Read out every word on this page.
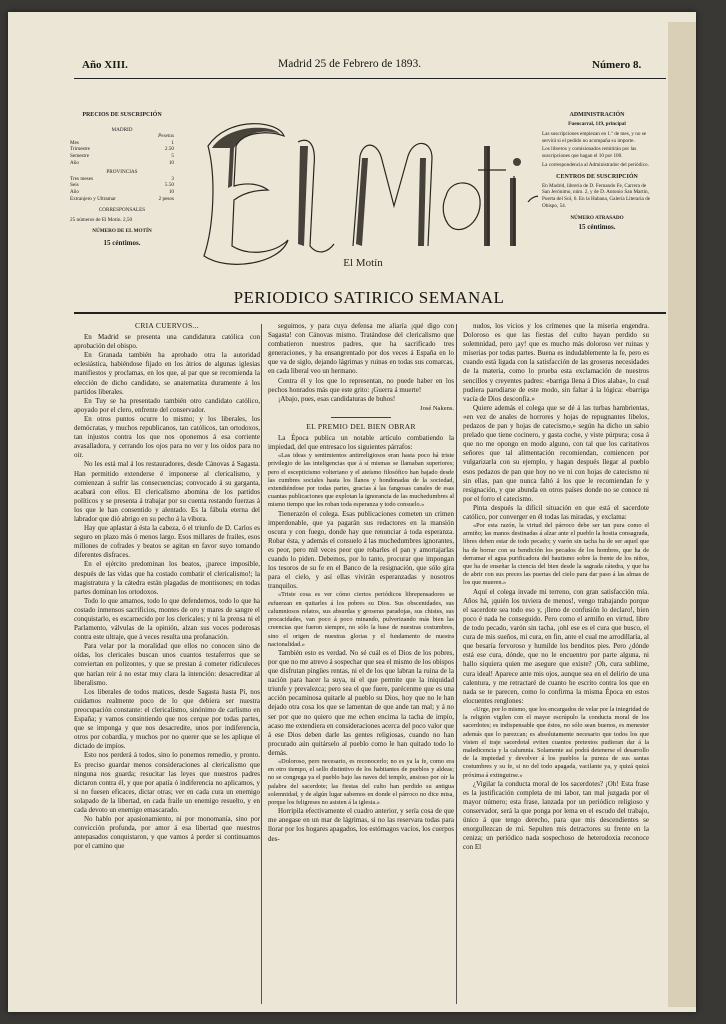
Año XIII.	Madrid 25 de Febrero de 1893.	Número 8.
PRECIOS DE SUSCRIPCIÓN
MADRID
Pesetas
Mes	1
Trimestre	2.50
Semestre	5
Año	10
PROVINCIAS
Tres meses	3
Seis	5.50
Año	10
Extranjero y Ultramar	2 pesos
CORRESPONSALES
25 números de El Motín. 2,50
NÚMERO DE EL MOTÍN
15 céntimos.
El Motín
ADMINISTRACIÓN
Fuencarral, 119, principal
Las suscripciones empiezan en 1.º de mes, y no se servirá si el pedido no acompaña su importe.
Los libreros y comisionados remitirán por las suscripciones que hagan el 10 por 100.
La correspondencia al Administrador del periódico.
CENTROS DE SUSCRIPCIÓN
En Madrid, librería de D. Fernando Fe, Carrera de San Jerónimo, núm. 2, y de D. Antonio San Martín, Puerta del Sol, 6. En la Habana, Galería Literaria de Obispo, 54.
NÚMERO ATRASADO
15 céntimos.
PERIODICO SATIRICO SEMANAL
CRIA CUERVOS...

En Madrid se presenta una candidatura católica con aprobación del obispo.

En Granada también ha aprobado otra la autoridad eclesiástica, habiéndose fijado en los átrios de algunas iglesias manifiestos y proclamas, en los que, al par que se recomienda la elección de dicho candidato, se anatematiza duramente á los partidos liberales.

En Tuy se ha presentado también otro candidato católico, apoyado por el clero, enfrente del conservador.

En otros puntos ocurre lo mismo; y los liberales, los demócratas, y muchos republicanos, tan católicos, tan ortodoxos, tan injustos contra los que nos oponemos á esa corriente avasalladora, y cerrando los ojos para no ver y los oídos para no oir.

No les está mal á los restauradores, desde Cánovas á Sagasta. Han permitido extenderse é imponerse al clericalismo, y comienzan á sufrir las consecuencias; convocado á su garganta, acabará con ellos. El clericalismo abomina de los partidos políticos y se presenta á trabajar por su cuenta restando fuerzas á los que le han consentido y alentado. Es la fábula eterna del labrador que dió abrigo en su pecho á la víbora.

Hay que aplastar á ésta la cabeza, ó el triunfo de D. Carlos es seguro en plazo más ó menos largo. Esos millares de frailes, esos millones de cofrades y beatos se agitan en favor suyo tomando diferentes disfraces.

En el ejército predominan los beatos, ¡parece imposible, después de las vidas que ha costado combatir el clericalismo!; la magistratura y la cátedra están plagadas de montisones; en todas partes dominan los ortodoxos.

Todo lo que amamos, todo lo que defendemos, todo lo que ha costado inmensos sacrificios, montes de oro y mares de sangre el conquistarlo, es escarnecido por los clericales; y ni la prensa ni el Parlamento, válvulas de la opinión, alzan sus voces poderosas contra este ultraje, que á veces resulta una profanación.

Para velar por la moralidad que ellos no conocen sino de oídas, los clericales buscan unos cuantos testaferros que se conviertan en polizontes, y que se prestan á cometer ridículeces que harían reir á no estar muy clara la intención: desacreditar al liberalismo.

Los liberales de todos matices, desde Sagasta hasta Pí, nos cuidamos realmente poco de lo que debiera ser nuestra preocupación constante: el clericalismo, sinónimo de carlismo en España; y vamos consintiendo que nos cerque por todas partes, que se imponga y que nos desacredite, unos por indiferencia, otros por cobardía, y muchos por no querer que se les aplique el dictado de impíos.

Esto nos perderá á todos, sino lo ponemos remedio, y pronto. Es preciso guardar menos consideraciones al clericalismo que ninguna nos guarda; resucitar las leyes que nuestros padres dictaron contra él, y que por apatía ó indiferencia no aplicamos, y si no fuesen eficaces, dictar otras; ver en cada cura un enemigo solapado de la libertad, en cada fraile un enemigo resuelto, y en cada devoto un enemigo emascarado.

No hablo por apasionamiento, ni por monomanía, sino por convicción profunda, por amor á esa libertad que nuestros antepasados conquistaron, y que vamos á perder si continuamos por el camino que

seguimos, y para cuya defensa me aliaría ¡qué digo con Sagasta! con Cánovas mismo. Tratándose del clericalismo que combatieron nuestros padres, que ha sacrificado tres generaciones, y ha ensangrentado por dos veces á España en lo que va de siglo, dejando lágrimas y ruinas en todas sus comarcas, en cada liberal veo un hermano.

Contra él y los que lo representan, no puede haber en los pechos honrados más que este grito: ¡Guerra á muerte!

¡Abajo, pues, esas candidaturas de buhos!

José Nakens.
EL PREMIO DEL BIEN OBRAR

La Época publica un notable artículo combatiendo la impiedad, del que entresaco los siguientes párrafos:

«Las ideas y sentimientos antirreligiosos eran hasta poco há triste privilegio de las inteligencias que á sí mismas se llamaban superiores; pero el escepticismo volteriano y el ateísmo filosófico han bajado desde las cumbres sociales hasta los llanos y hondonadas de la sociedad, extendiéndose por todas partes, gracias á las fangosas canales de esas cuantas publicaciones que explotan la ignorancia de las muchedumbres al mismo tiempo que les roban toda esperanza y todo consuelo.»

Tienerazón el colega. Esas publicaciones cometen un crimen imperdonable, que ya pagarán sus redactores en la mansión oscura y con fuego, donde hay que renunciar á toda esperanza. Robar ésta, y además el consuelo á las muchedumbres ignorantes, es peor, pero mil veces peor que robarles el pan y amortajarlas cuando lo piden. Debemos, por lo tanto, procurar que impongan los tesoros de su fe en el Banco de la resignación, que sólo gira para el cielo, y así ellas vivirán esperanzadas y nosotros tranquilos.

«Triste cosa es ver cómo ciertos periódicos librepensadores se esfuerzan en quitarles á los pobres su Dios. Sus obscenidades, sus calumniosos relatos, sus absurdas y groseras paradojas, sus chistes, sus procacidades, van poco á poco minando, pulverizando más bien las creencias que fueron siempre, no sólo la base de nuestras costumbres, sino el origen de nuestras glorias y el fundamento de nuestra nacionalidad.»

También esto es verdad. No sé cuál es el Dios de los pobres, por que no me atrevo á sospechar que sea el mismo de los obispos que disfrutan pingües rentas, ni el de los que labran la ruina de la nación para hacer la suya, ni el que permite que la iniquidad triunfe y prevalezca; pero sea el que fuere, parécenme que es una acción pecaminosa quitarle al pueblo su Dios, hoy que no le han dejado otra cosa los que se lamentan de que ande tan mal; y á no ser por que no quiero que me echen encima la tacha de impío, acaso me extendiera en consideraciones acerca del poco valor que á ese Dios deben darle las gentes religiosas, cuando no han procurado aún quitárselo al pueblo como le han quitado todo lo demás.

«Doloroso, pero necesario, es reconocerlo; no es ya la fe, como era en otro tiempo, el sello distintivo de los habitantes de pueblos y aldeas; no se congrega ya el pueblo bajo las naves del templo, ansioso por oír la palabra del sacerdote; las fiestas del culto han perdido su antigua solemnidad, y de algún lugar sabemos en donde el párroco no dice misa, porque los feligreses no asisten á la iglesia.»

Horripila efectivamente el cuadro anterior, y sería cosa de que me anegase en un mar de lágrimas, si no las reservara todas para llorar por los hogares apagados, los estómagos vacíos, los cuerpos des-

nudos, los vicios y los crímenes que la miseria engendra. Doloroso es que las fiestas del culto hayan perdido su solemnidad, pero ¡ay! que es mucho más doloroso ver ruinas y miserias por todas partes. Buena es indudablemente la fe, pero es cuando está ligada con la satisfacción de las groseras necesidades de la materia, como lo prueba esta exclamación de nuestros sencillos y creyentes padres: «barriga llena á Dios alaba», lo cual pudiera parodiarse de este modo, sin faltar á la lógica: «barriga vacía de Dios desconfía.»

Quiere además el colega que se dé á las turbas hambrientas, «en vez de anales de horrores y hojas de repugnantes libelos, pedazos de pan y hojas de catecismo,» según ha dicho un sabio prelado que tiene cocinero, y gasta coche, y viste púrpura; cosa á que no me opongo en modo alguno, con tal que los caritativos señores que tal alimentación recomiendan, comiencen por vulgarizarla con su ejemplo, y hagan después llegar al pueblo esos pedazos de pan que hoy no ve ni con hojas de catecismo ni sin ellas, pan que nunca faltó á los que le recomiendan fe y resignación, y que abunda en otros países donde no se conoce ni por el forro el catecismo.

Pinta después la difícil situación en que está el sacerdote católico, por converger en él todas las miradas, y exclama:

«Por esta razón, la virtud del párroco debe ser tan pura como el armiño; las manos destinadas á alzar ante el pueblo la hostia consagrada, libres deben estar de todo pecado; y varón sin tacha ha de ser aquel que ha de borrar con su bendición los pecados de los hombres, que ha de derramar el agua purificadora del bautismo sobre la frente de los niños, que ha de enseñar la ciencia del bien desde la sagrada cátedra, y que ha de abrir con sus preces las puertas del cielo para dar paso á las almas de los que mueren.»

Aquí el colega invade mi terreno, con gran satisfacción mía. Años há, ¡quién los tuviera de menos!, vengo trabajando porque el sacerdote sea todo eso y, ¡lleno de confusión lo declaro!, bien poco é nada he conseguido. Pero como el armiño en virtud, libre de todo pecado, varón sin tacha, ¡ohl ese es el cura que busco, el cura de mis sueños, mi cura, en fin, ante el cual me arrodillaría, al que besaría fervoroso y humilde los benditos pies. Pero ¿dónde está ese cura, dónde, que no le encuentro por parte alguna, ni hallo siquiera quien me asegure que existe? ¡Oh, cura sublime, cura ideal! Aparece ante mis ojos, aunque sea en el delirio de una calentura, y me retractaré de cuanto he escrito contra los que en nada se te parecen, como lo confirma la misma Época en estos elocuentes renglones:

«Urge, por lo mismo, que los encargados de velar por la integridad de la religión vigilen con el mayor escrúpulo la conducta moral de los sacerdotes; es indispensable que éstos, no sólo sean buenos, es menester además que lo parezcan; es absolutamente necesario que todos los que visten el traje sacerdotal eviten cuantos pretextos pudieran dar á la maledicencia y la calumnia. Solamente así podrá detenerse el desarrollo de la impiedad y devolver á los pueblos la pureza de sus santas costumbres y su fe, si no del todo apagada, vacilante ya, y quizá quizá próxima á extinguirse.»

¿Vigilar la conducta moral de los sacerdotes? ¡Oh! Esta frase es la justificación completa de mi labor, tan mal juzgada por el mayor número; esta frase, lanzada por un periódico religioso y conservador, será la que ponga por lema en el escudo del trabajo, único á que tengo derecho, para que mis descendientes se enorgullezcan de mí. Sepulten mis detractores su frente en la ceniza; un periódico nada sospechoso de heterodoxia reconoce con El
